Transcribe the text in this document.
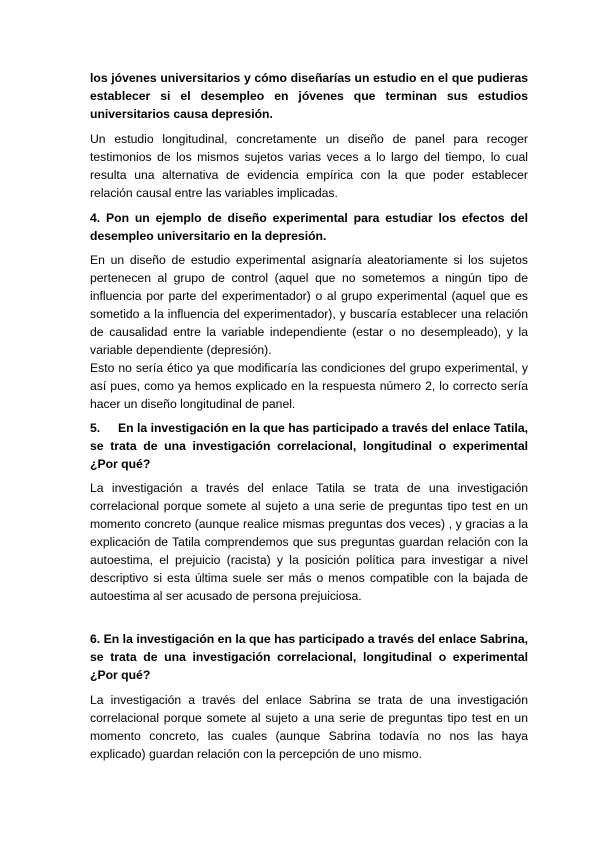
los jóvenes universitarios y cómo diseñarías un estudio en el que pudieras establecer si el desempleo en jóvenes que terminan sus estudios universitarios causa depresión.

Un estudio longitudinal, concretamente un diseño de panel para recoger testimonios de los mismos sujetos varias veces a lo largo del tiempo, lo cual resulta una alternativa de evidencia empírica con la que poder establecer relación causal entre las variables implicadas.

4. Pon un ejemplo de diseño experimental para estudiar los efectos del desempleo universitario en la depresión.

En un diseño de estudio experimental asignaría aleatoriamente si los sujetos pertenecen al grupo de control (aquel que no sometemos a ningún tipo de influencia por parte del experimentador) o al grupo experimental (aquel que es sometido a la influencia del experimentador), y buscaría establecer una relación de causalidad entre la variable independiente (estar o no desempleado), y la variable dependiente (depresión).

Esto no sería ético ya que modificaría las condiciones del grupo experimental, y así pues, como ya hemos explicado en la respuesta número 2, lo correcto sería hacer un diseño longitudinal de panel.

5. En la investigación en la que has participado a través del enlace Tatila, se trata de una investigación correlacional, longitudinal o experimental ¿Por qué?

La investigación a través del enlace Tatila se trata de una investigación correlacional porque somete al sujeto a una serie de preguntas tipo test en un momento concreto (aunque realice mismas preguntas dos veces) , y gracias a la explicación de Tatila comprendemos que sus preguntas guardan relación con la autoestima, el prejuicio (racista) y la posición política para investigar a nivel descriptivo si esta última suele ser más o menos compatible con la bajada de autoestima al ser acusado de persona prejuiciosa.

6. En la investigación en la que has participado a través del enlace Sabrina, se trata de una investigación correlacional, longitudinal o experimental ¿Por qué?

La investigación a través del enlace Sabrina se trata de una investigación correlacional porque somete al sujeto a una serie de preguntas tipo test en un momento concreto, las cuales (aunque Sabrina todavía no nos las haya explicado) guardan relación con la percepción de uno mismo.
